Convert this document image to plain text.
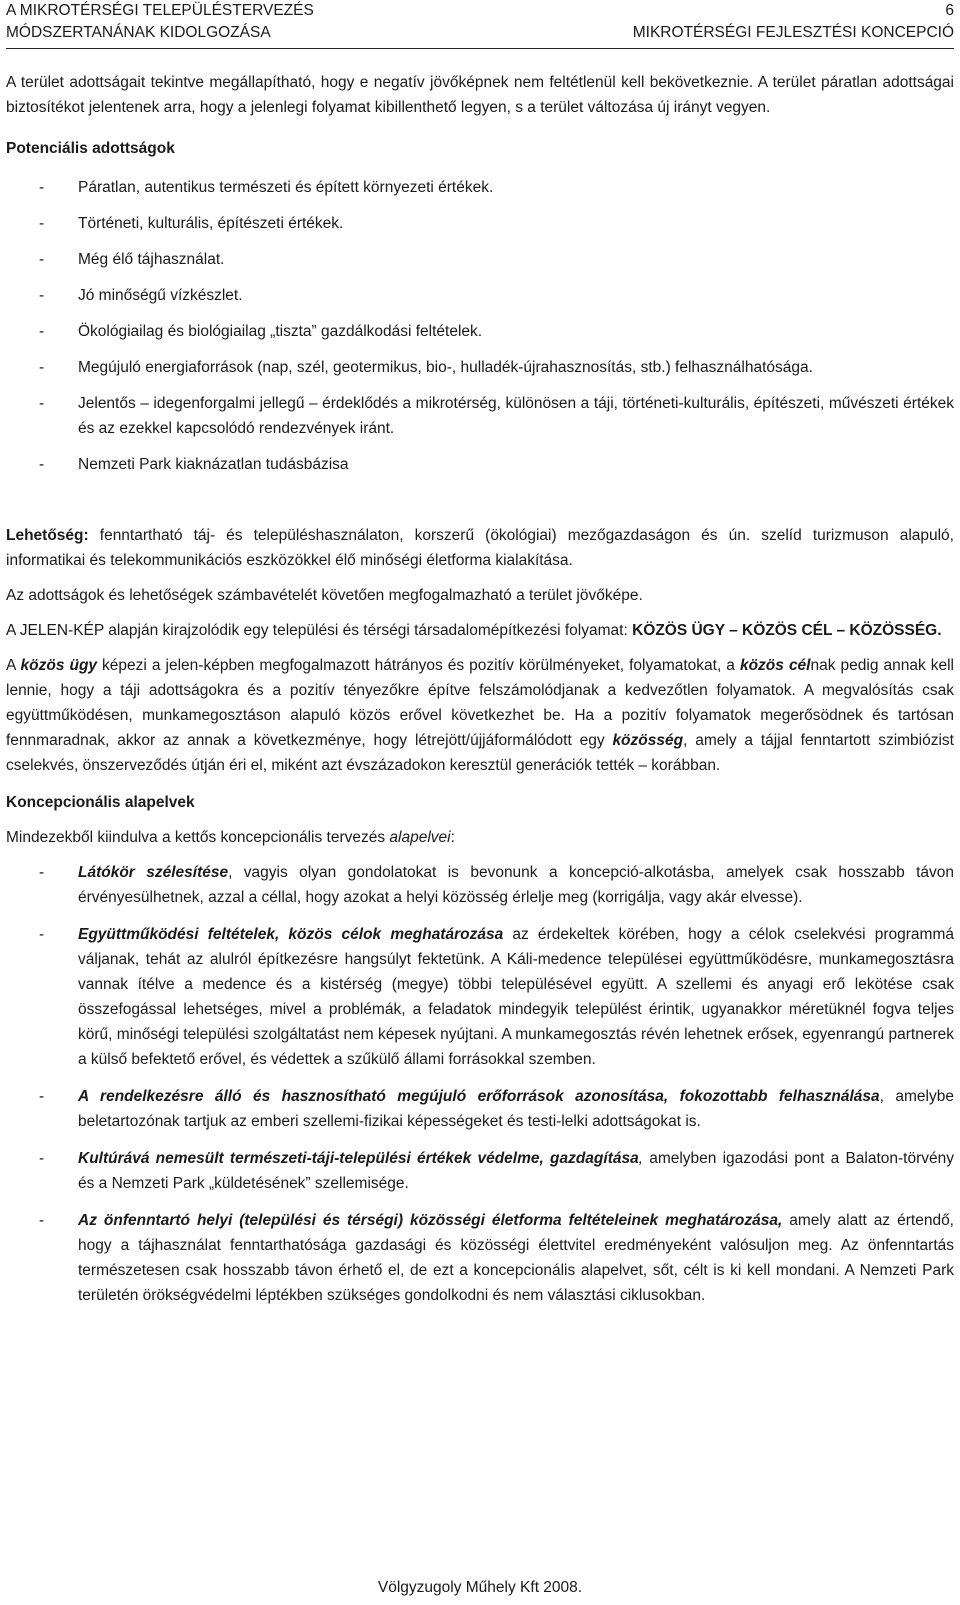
A MIKROTÉRSÉGI TELEPÜLÉSTERVEZÉS	6
MÓDSZERTANÁNAK KIDOLGOZÁSA	MIKROTÉRSÉGI FEJLESZTÉSI KONCEPCIÓ

A terület adottságait tekintve megállapítható, hogy e negatív jövőképnek nem feltétlenül kell bekövetkeznie. A terület páratlan adottságai biztosítékot jelentenek arra, hogy a jelenlegi folyamat kibillenthető legyen, s a terület változása új irányt vegyen.

Potenciális adottságok

- Páratlan, autentikus természeti és épített környezeti értékek.
- Történeti, kulturális, építészeti értékek.
- Még élő tájhasználat.
- Jó minőségű vízkészlet.
- Ökológiailag és biológiailag „tiszta” gazdálkodási feltételek.
- Megújuló energiaforrások (nap, szél, geotermikus, bio-, hulladék-újrahasznosítás, stb.) felhasználhatósága.
- Jelentős – idegenforgalmi jellegű – érdeklődés a mikrotérség, különösen a táji, történeti-kulturális, építészeti, művészeti értékek és az ezekkel kapcsolódó rendezvények iránt.
- Nemzeti Park kiaknázatlan tudásbázisa

Lehetőség: fenntartható táj- és településhasználaton, korszerű (ökológiai) mezőgazdaságon és ún. szelíd turizmuson alapuló, informatikai és telekommunikációs eszközökkel élő minőségi életforma kialakítása.

Az adottságok és lehetőségek számbavételét követően megfogalmazható a terület jövőképe.

A JELEN-KÉP alapján kirajzolódik egy települési és térségi társadalomépítkezési folyamat: KÖZÖS ÜGY – KÖZÖS CÉL – KÖZÖSSÉG.

A közös ügy képezi a jelen-képben megfogalmazott hátrányos és pozitív körülményeket, folyamatokat, a közös célnak pedig annak kell lennie, hogy a táji adottságokra és a pozitív tényezőkre építve felszámolódjanak a kedvezőtlen folyamatok. A megvalósítás csak együttműködésen, munkamegosztáson alapuló közös erővel következhet be. Ha a pozitív folyamatok megerősödnek és tartósan fennmaradnak, akkor az annak a következménye, hogy létrejött/újjáformálódott egy közösség, amely a tájjal fenntartott szimbiózist cselekvés, önszerveződés útján éri el, miként azt évszázadokon keresztül generációk tették – korábban.

Koncepcionális alapelvek

Mindezekből kiindulva a kettős koncepcionális tervezés alapelvei:

- Látókör szélesítése, vagyis olyan gondolatokat is bevonunk a koncepció-alkotásba, amelyek csak hosszabb távon érvényesülhetnek, azzal a céllal, hogy azokat a helyi közösség érlelje meg (korrigálja, vagy akár elvesse).
- Együttműködési feltételek, közös célok meghatározása az érdekeltek körében, hogy a célok cselekvési programmá váljanak, tehát az alulról építkezésre hangsúlyt fektetünk. A Káli-medence települései együttműködésre, munkamegosztásra vannak ítélve a medence és a kistérség (megye) többi településével együtt. A szellemi és anyagi erő lekötése csak összefogással lehetséges, mivel a problémák, a feladatok mindegyik települést érintik, ugyanakkor méretüknél fogva teljes körű, minőségi települési szolgáltatást nem képesek nyújtani. A munkamegosztás révén lehetnek erősek, egyenrangú partnerek a külső befektető erővel, és védettek a szűkülő állami forrásokkal szemben.
- A rendelkezésre álló és hasznosítható megújuló erőforrások azonosítása, fokozottabb felhasználása, amelybe beletartozónak tartjuk az emberi szellemi-fizikai képességeket és testi-lelki adottságokat is.
- Kultúrává nemesült természeti-táji-települési értékek védelme, gazdagítása, amelyben igazodási pont a Balaton-törvény és a Nemzeti Park „küldetésének” szellemisége.
- Az önfenntartó helyi (települési és térségi) közösségi életforma feltételeinek meghatározása, amely alatt az értendő, hogy a tájhasználat fenntarthatósága gazdasági és közösségi élettvitel eredményeként valósuljon meg. Az önfenntartás természetesen csak hosszabb távon érhető el, de ezt a koncepcionális alapelvet, sőt, célt is ki kell mondani. A Nemzeti Park területén örökségvédelmi léptékben szükséges gondolkodni és nem választási ciklusokban.
Völgyzugoly Műhely Kft 2008.
